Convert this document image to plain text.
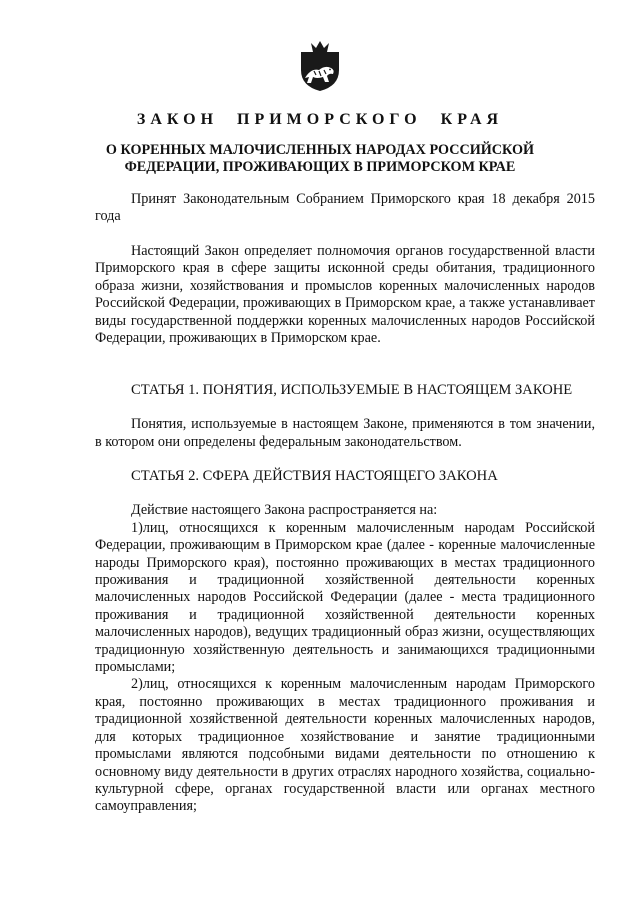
ЗАКОН ПРИМОРСКОГО КРАЯ
О КОРЕННЫХ МАЛОЧИСЛЕННЫХ НАРОДАХ РОССИЙСКОЙ
ФЕДЕРАЦИИ, ПРОЖИВАЮЩИХ В ПРИМОРСКОМ КРАЕ

Принят Законодательным Собранием Приморского края 18 декабря 2015 года

Настоящий Закон определяет полномочия органов государственной власти Приморского края в сфере защиты исконной среды обитания, традиционного образа жизни, хозяйствования и промыслов коренных малочисленных народов Российской Федерации, проживающих в Приморском крае, а также устанавливает виды государственной поддержки коренных малочисленных народов Российской Федерации, проживающих в Приморском крае.

СТАТЬЯ 1. ПОНЯТИЯ, ИСПОЛЬЗУЕМЫЕ В НАСТОЯЩЕМ ЗАКОНЕ

Понятия, используемые в настоящем Законе, применяются в том значении, в котором они определены федеральным законодательством.

СТАТЬЯ 2. СФЕРА ДЕЙСТВИЯ НАСТОЯЩЕГО ЗАКОНА

Действие настоящего Закона распространяется на:

1)лиц, относящихся к коренным малочисленным народам Российской Федерации, проживающим в Приморском крае (далее - коренные малочисленные народы Приморского края), постоянно проживающих в местах традиционного проживания и традиционной хозяйственной деятельности коренных малочисленных народов Российской Федерации (далее - места традиционного проживания и традиционной хозяйственной деятельности коренных малочисленных народов), ведущих традиционный образ жизни, осуществляющих традиционную хозяйственную деятельность и занимающихся традиционными промыслами;

2)лиц, относящихся к коренным малочисленным народам Приморского края, постоянно проживающих в местах традиционного проживания и традиционной хозяйственной деятельности коренных малочисленных народов, для которых традиционное хозяйствование и занятие традиционными промыслами являются подсобными видами деятельности по отношению к основному виду деятельности в других отраслях народного хозяйства, социально-культурной сфере, органах государственной власти или органах местного самоуправления;
